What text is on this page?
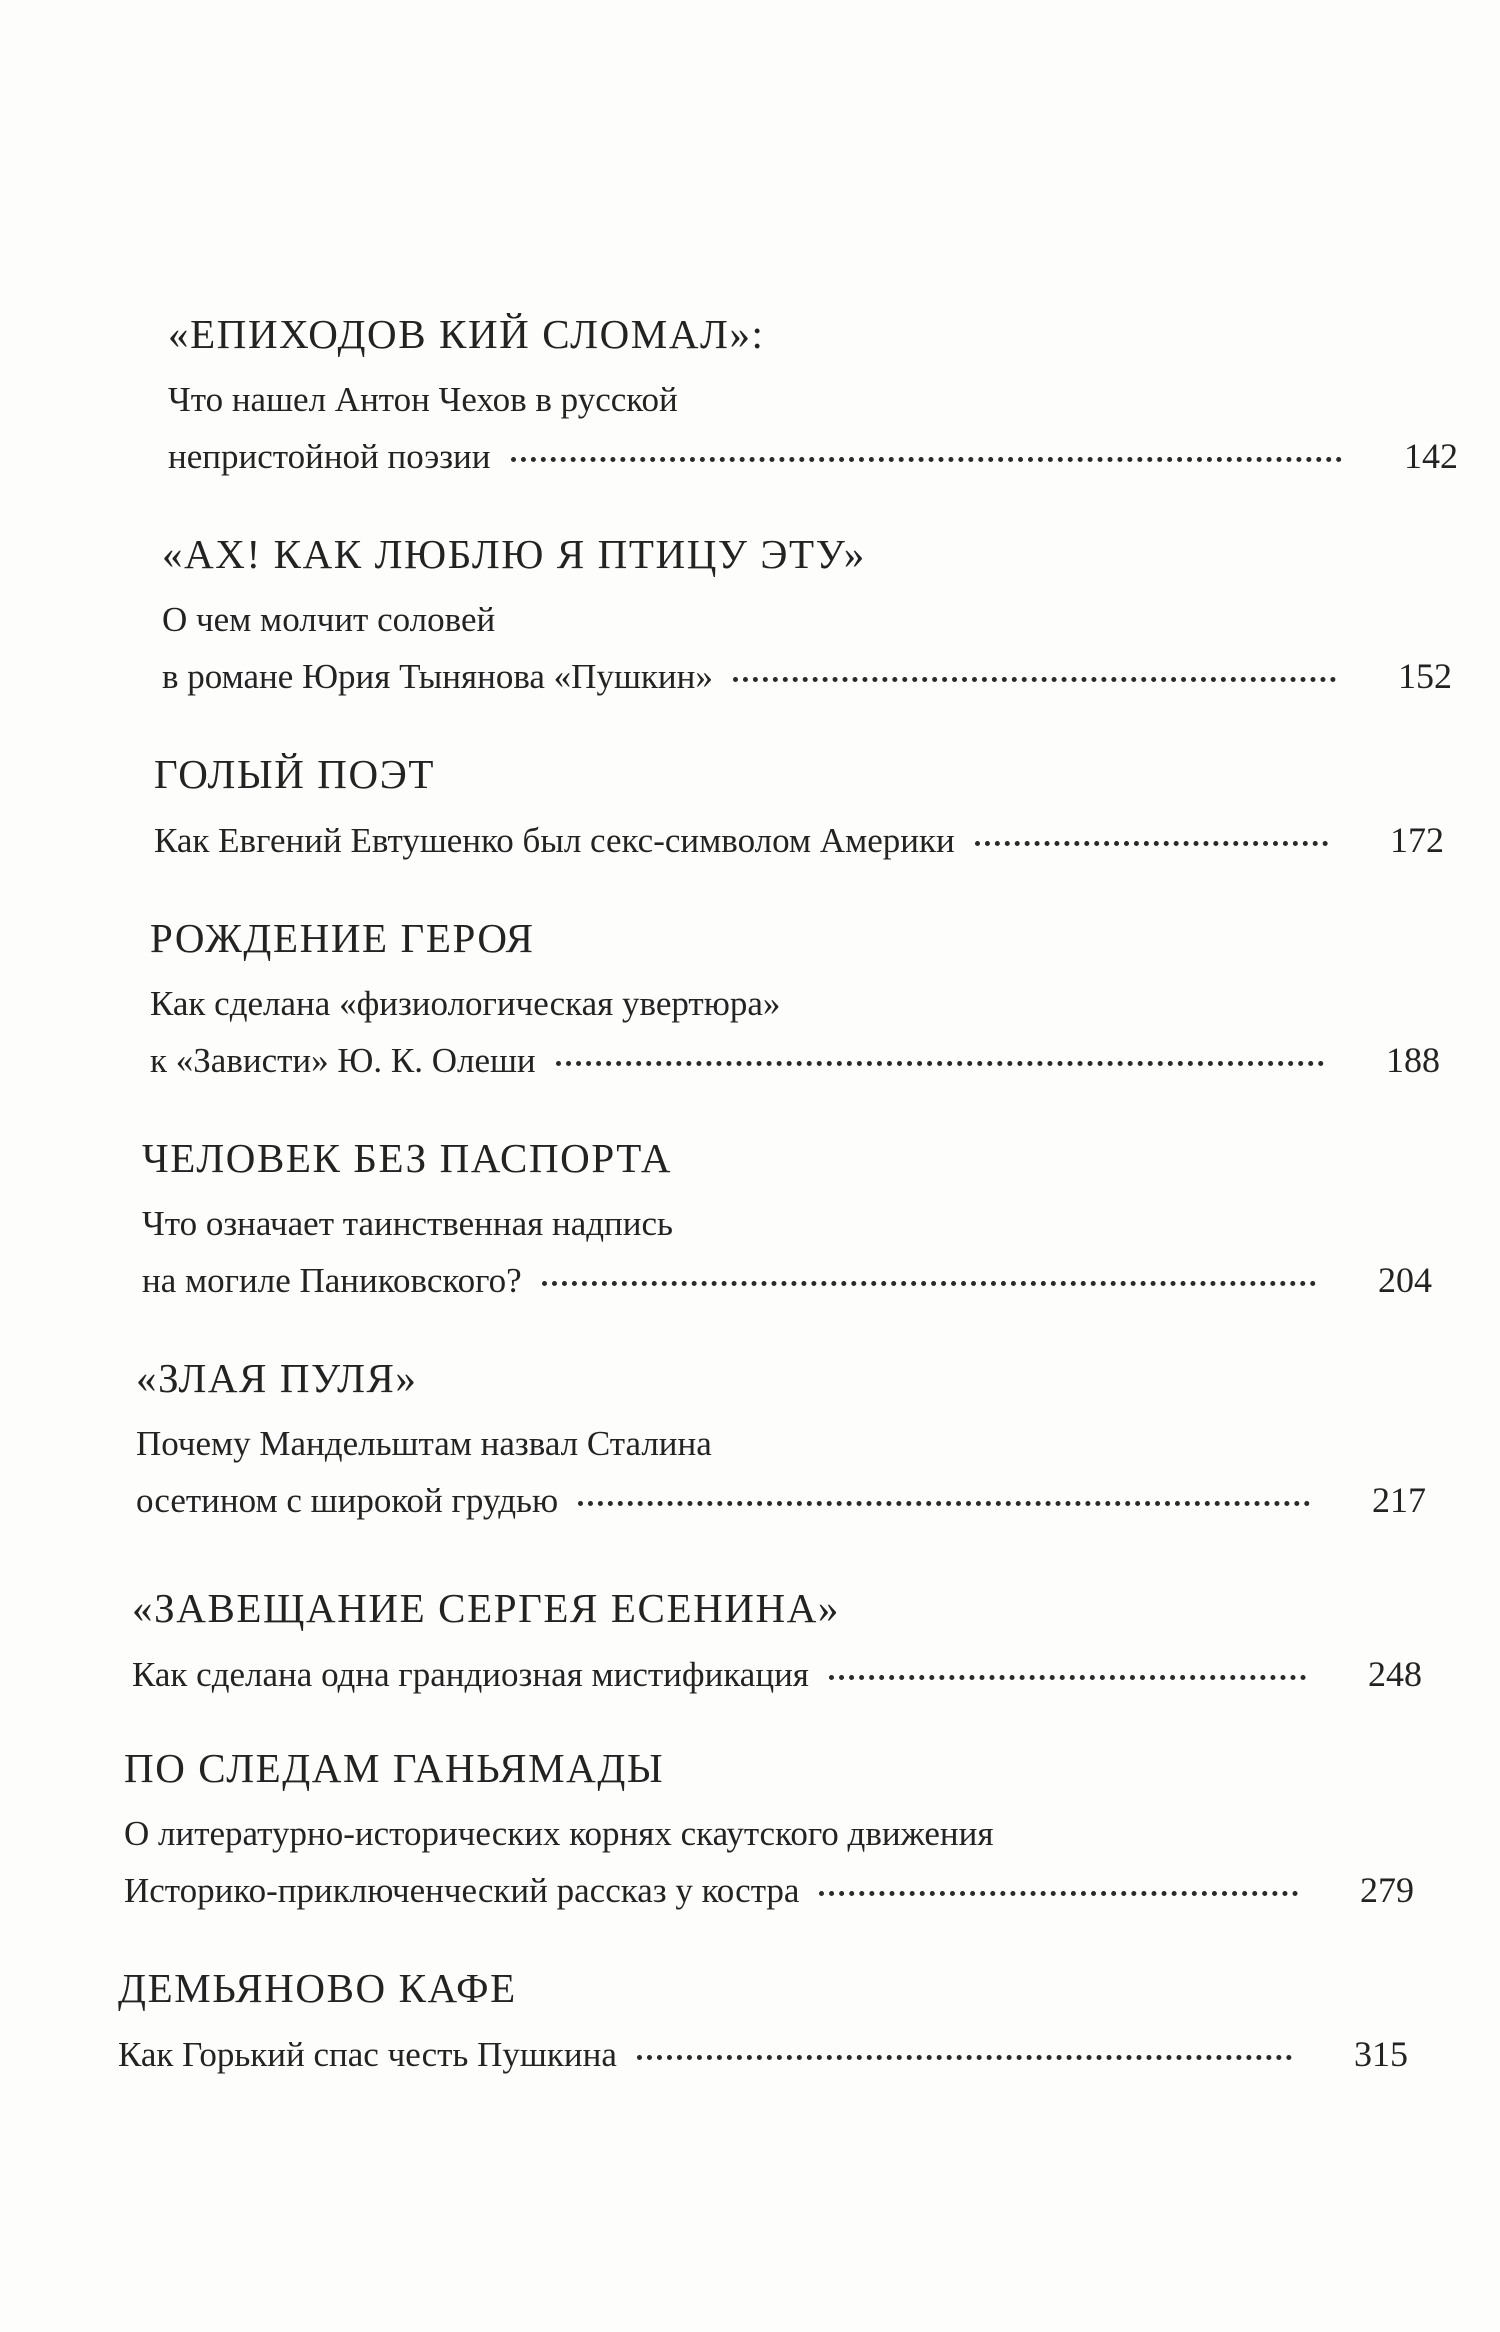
«ЕПИХОДОВ КИЙ СЛОМАЛ»:
Что нашел Антон Чехов в русской
непристойной поэзии	142
«АХ! КАК ЛЮБЛЮ Я ПТИЦУ ЭТУ»
О чем молчит соловей
в романе Юрия Тынянова «Пушкин»	152
ГОЛЫЙ ПОЭТ
Как Евгений Евтушенко был секс-символом Америки	172
РОЖДЕНИЕ ГЕРОЯ
Как сделана «физиологическая увертюра»
к «Зависти» Ю. К. Олеши	188
ЧЕЛОВЕК БЕЗ ПАСПОРТА
Что означает таинственная надпись
на могиле Паниковского?	204
«ЗЛАЯ ПУЛЯ»
Почему Мандельштам назвал Сталина
осетином с широкой грудью	217
«ЗАВЕЩАНИЕ СЕРГЕЯ ЕСЕНИНА»
Как сделана одна грандиозная мистификация	248
ПО СЛЕДАМ ГАНЬЯМАДЫ
О литературно-исторических корнях скаутского движения
Историко-приключенческий рассказ у костра	279
ДЕМЬЯНОВО КАФЕ
Как Горький спас честь Пушкина	315
